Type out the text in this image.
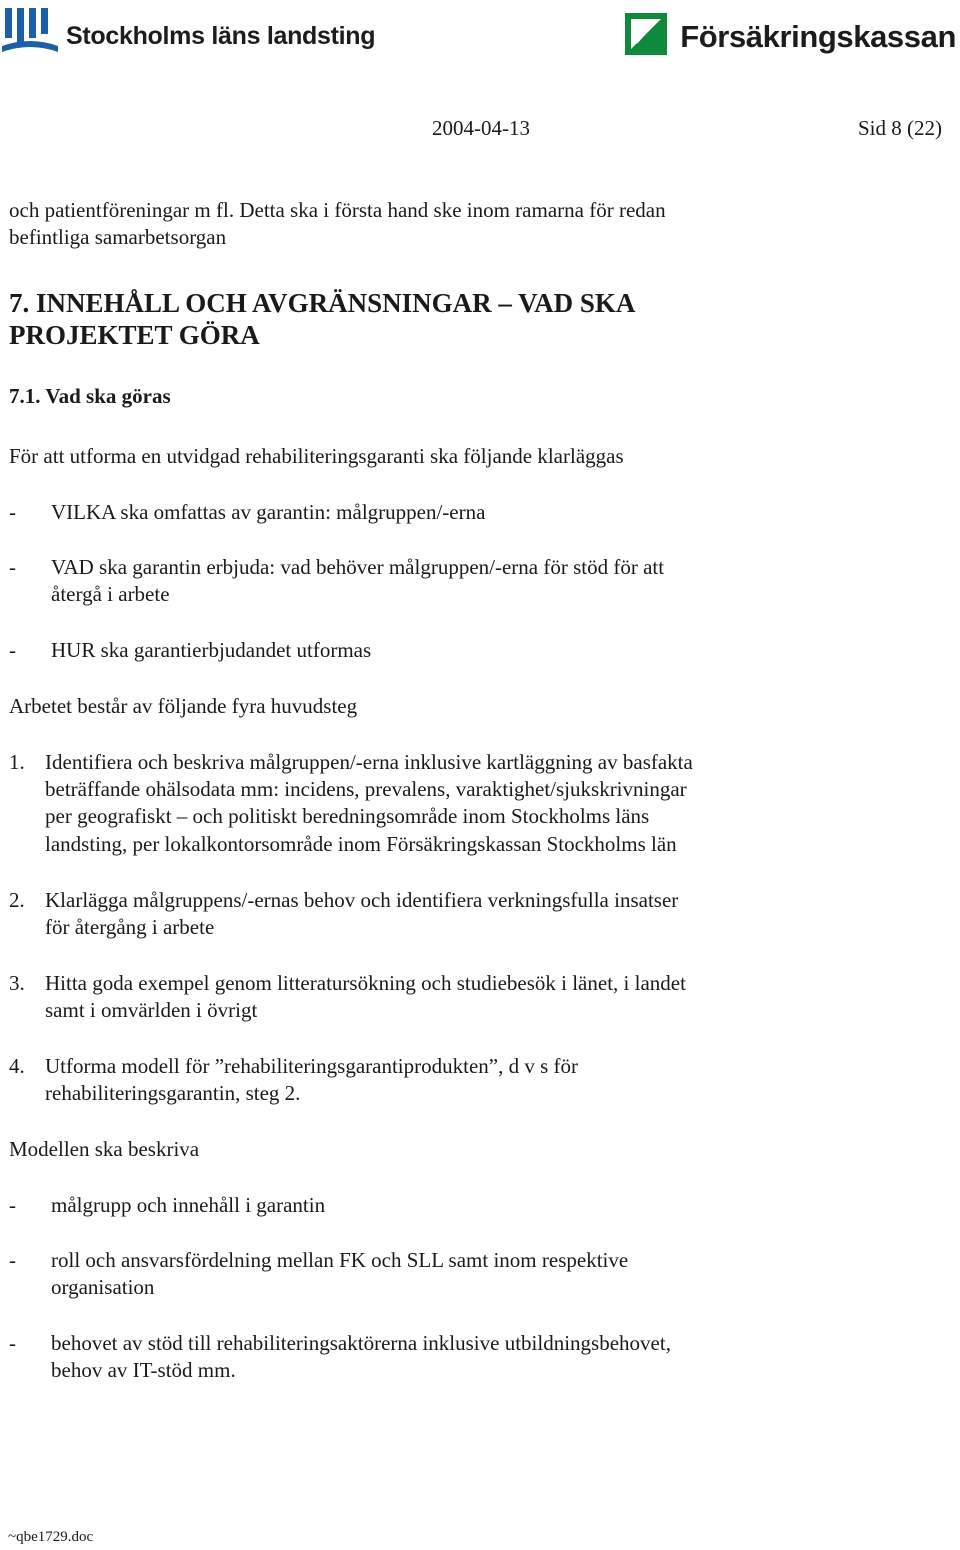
Stockholms läns landsting	Försäkringskassan
2004-04-13	Sid 8 (22)

och patientföreningar m fl. Detta ska i första hand ske inom ramarna för redan

befintliga samarbetsorgan

7. INNEHÅLL OCH AVGRÄNSNINGAR – VAD SKA
PROJEKTET GÖRA
7.1. Vad ska göras

För att utforma en utvidgad rehabiliteringsgaranti ska följande klarläggas

- VILKA ska omfattas av garantin: målgruppen/-erna

- VAD ska garantin erbjuda: vad behöver målgruppen/-erna för stöd för att

återgå i arbete

- HUR ska garantierbjudandet utformas

Arbetet består av följande fyra huvudsteg

1. Identifiera och beskriva målgruppen/-erna inklusive kartläggning av basfakta

beträffande ohälsodata mm: incidens, prevalens, varaktighet/sjukskrivningar

per geografiskt – och politiskt beredningsområde inom Stockholms läns

landsting, per lokalkontorsområde inom Försäkringskassan Stockholms län

2. Klarlägga målgruppens/-ernas behov och identifiera verkningsfulla insatser

för återgång i arbete

3. Hitta goda exempel genom litteratursökning och studiebesök i länet, i landet

samt i omvärlden i övrigt

4. Utforma modell för ”rehabiliteringsgarantiprodukten”, d v s för

rehabiliteringsgarantin, steg 2.

Modellen ska beskriva

- målgrupp och innehåll i garantin

- roll och ansvarsfördelning mellan FK och SLL samt inom respektive

organisation

- behovet av stöd till rehabiliteringsaktörerna inklusive utbildningsbehovet,

behov av IT-stöd mm.

~qbe1729.doc
